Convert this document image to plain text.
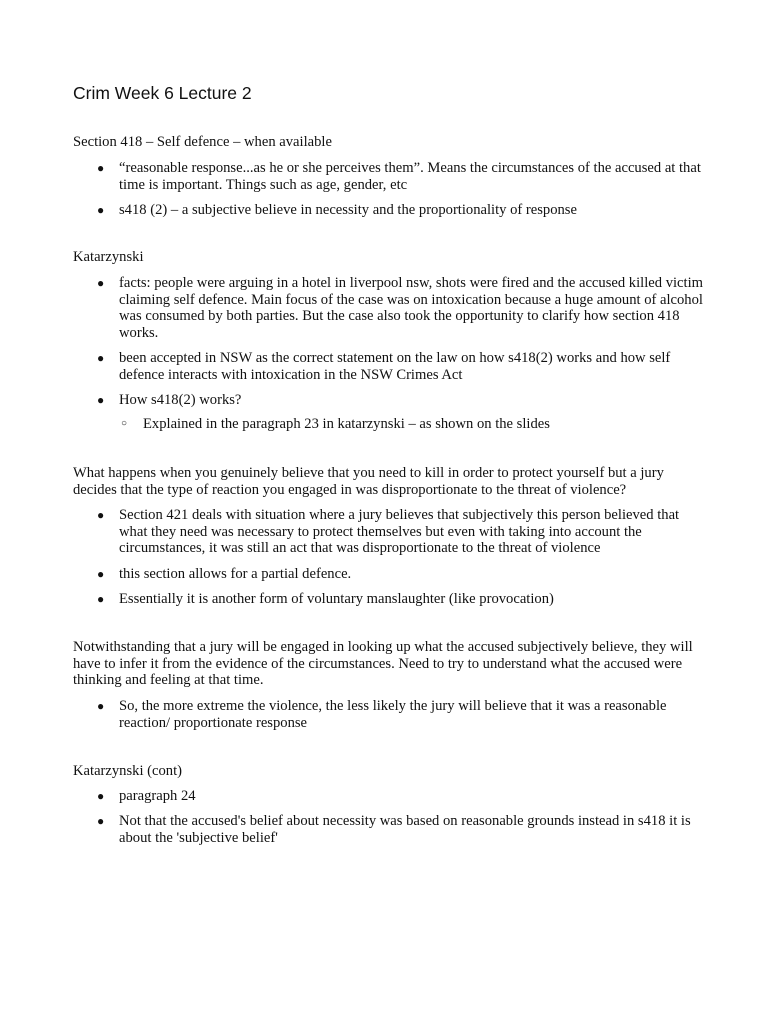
Crim Week 6 Lecture 2

Section 418 – Self defence – when available

● “reasonable response...as he or she perceives them”. Means the circumstances of the accused at that time is important. Things such as age, gender, etc
● s418 (2) – a subjective believe in necessity and the proportionality of response

Katarzynski

● facts: people were arguing in a hotel in liverpool nsw, shots were fired and the accused killed victim claiming self defence. Main focus of the case was on intoxication because a huge amount of alcohol was consumed by both parties. But the case also took the opportunity to clarify how section 418 works.
● been accepted in NSW as the correct statement on the law on how s418(2) works and how self defence interacts with intoxication in the NSW Crimes Act
● How s418(2) works?
○ Explained in the paragraph 23 in katarzynski – as shown on the slides

What happens when you genuinely believe that you need to kill in order to protect yourself but a jury decides that the type of reaction you engaged in was disproportionate to the threat of violence?

● Section 421 deals with situation where a jury believes that subjectively this person believed that what they need was necessary to protect themselves but even with taking into account the circumstances, it was still an act that was disproportionate to the threat of violence
● this section allows for a partial defence.
● Essentially it is another form of voluntary manslaughter (like provocation)

Notwithstanding that a jury will be engaged in looking up what the accused subjectively believe, they will have to infer it from the evidence of the circumstances. Need to try to understand what the accused were thinking and feeling at that time.

● So, the more extreme the violence, the less likely the jury will believe that it was a reasonable reaction/ proportionate response

Katarzynski (cont)

● paragraph 24
● Not that the accused's belief about necessity was based on reasonable grounds instead in s418 it is about the 'subjective belief'
